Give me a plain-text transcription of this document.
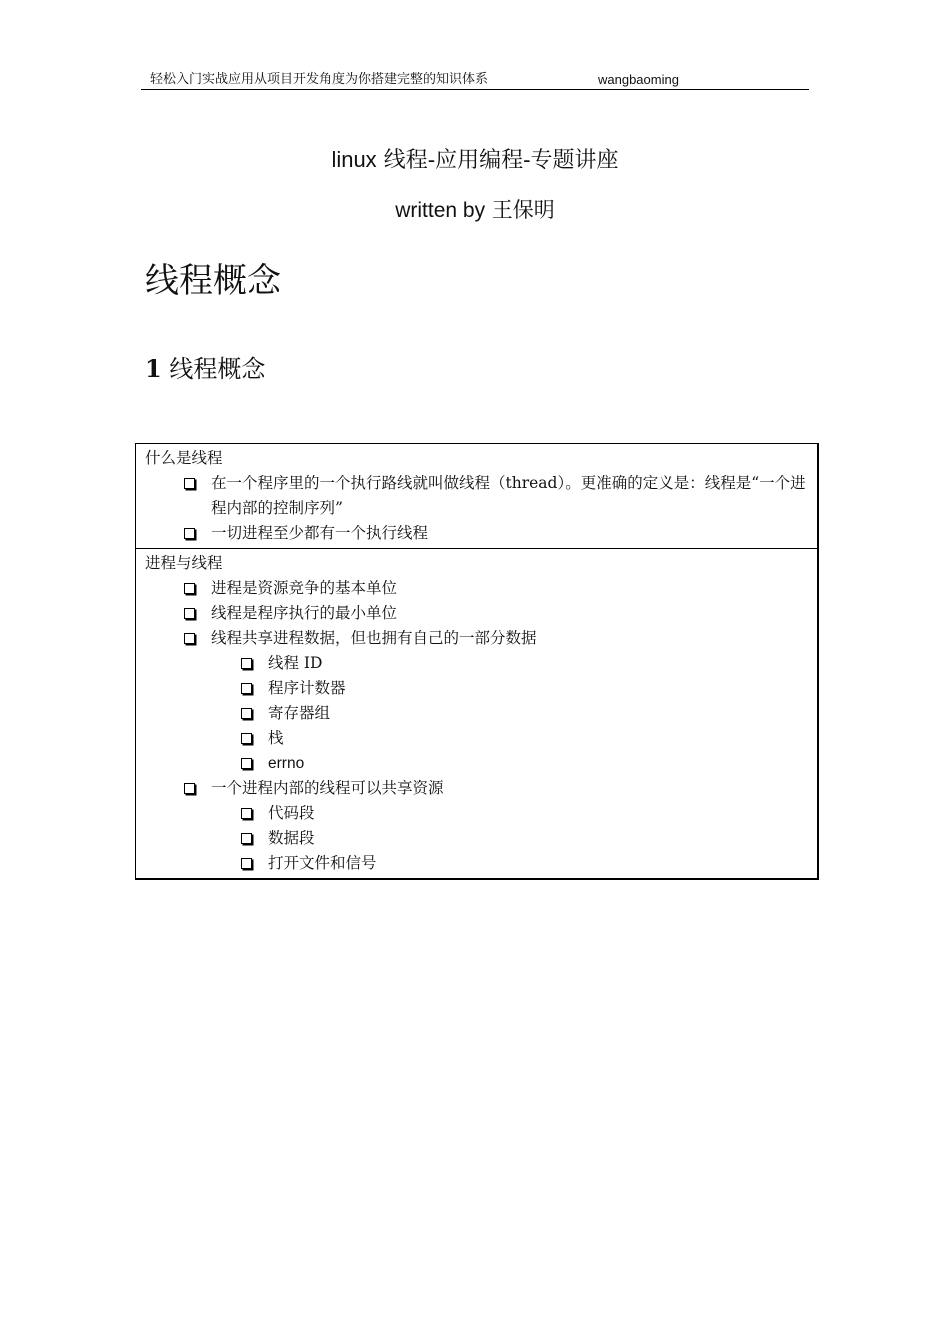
轻松入门实战应用从项目开发角度为你搭建完整的知识体系	wangbaoming
linux 线程-应用编程-专题讲座
written by 王保明
线程概念
1 线程概念
什么是线程
在一个程序里的一个执行路线就叫做线程（thread）。更准确的定义是：线程是“一个进程内部的控制序列”
一切进程至少都有一个执行线程
进程与线程
进程是资源竞争的基本单位
线程是程序执行的最小单位
线程共享进程数据，但也拥有自己的一部分数据
线程 ID
程序计数器
寄存器组
栈
errno
一个进程内部的线程可以共享资源
代码段
数据段
打开文件和信号
